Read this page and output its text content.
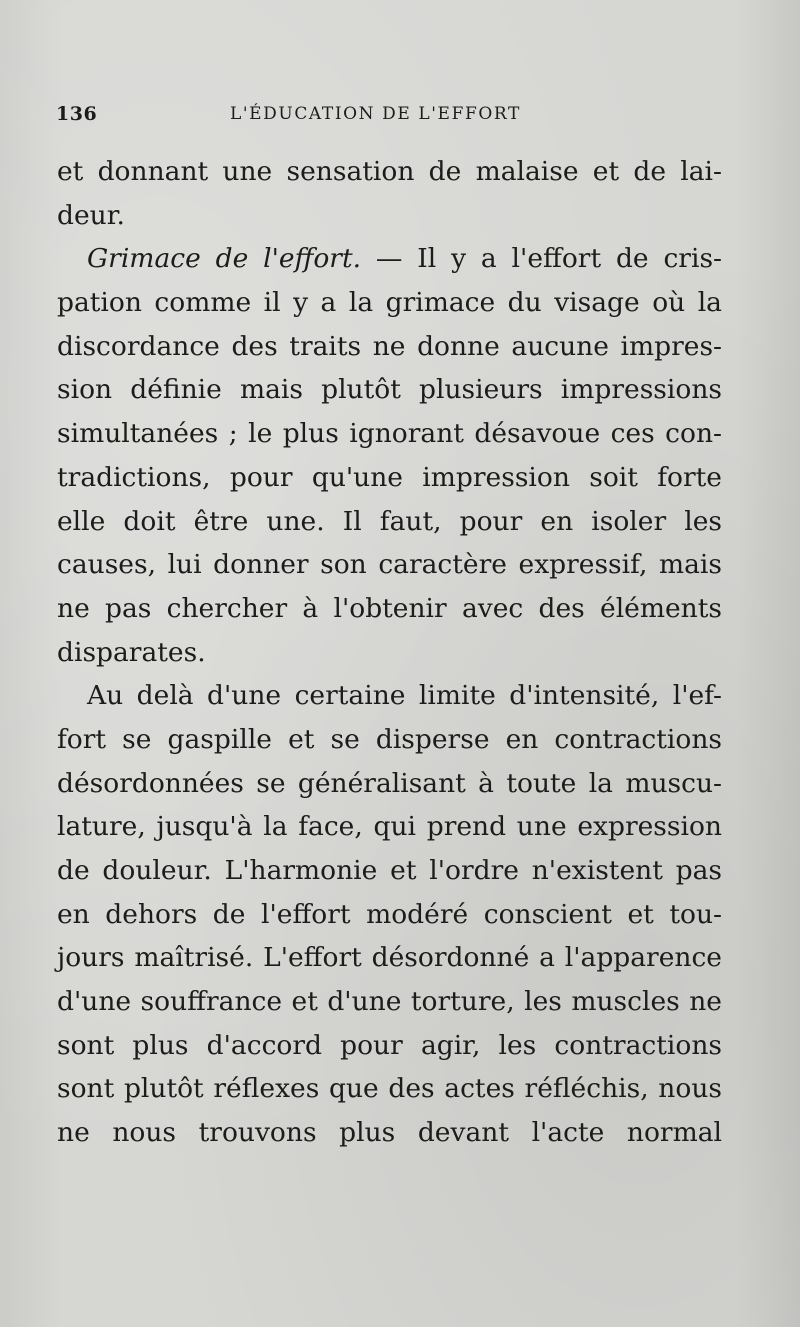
136	L'ÉDUCATION DE L'EFFORT
et donnant une sensation de malaise et de lai-
deur.
Grimace de l'effort. — Il y a l'effort de cris-
pation comme il y a la grimace du visage où la
discordance des traits ne donne aucune impres-
sion définie mais plutôt plusieurs impressions
simultanées ; le plus ignorant désavoue ces con-
tradictions, pour qu'une impression soit forte
elle doit être une. Il faut, pour en isoler les
causes, lui donner son caractère expressif, mais
ne pas chercher à l'obtenir avec des éléments
disparates.
Au delà d'une certaine limite d'intensité, l'ef-
fort se gaspille et se disperse en contractions
désordonnées se généralisant à toute la muscu-
lature, jusqu'à la face, qui prend une expression
de douleur. L'harmonie et l'ordre n'existent pas
en dehors de l'effort modéré conscient et tou-
jours maîtrisé. L'effort désordonné a l'apparence
d'une souffrance et d'une torture, les muscles ne
sont plus d'accord pour agir, les contractions
sont plutôt réflexes que des actes réfléchis, nous
ne nous trouvons plus devant l'acte normal
